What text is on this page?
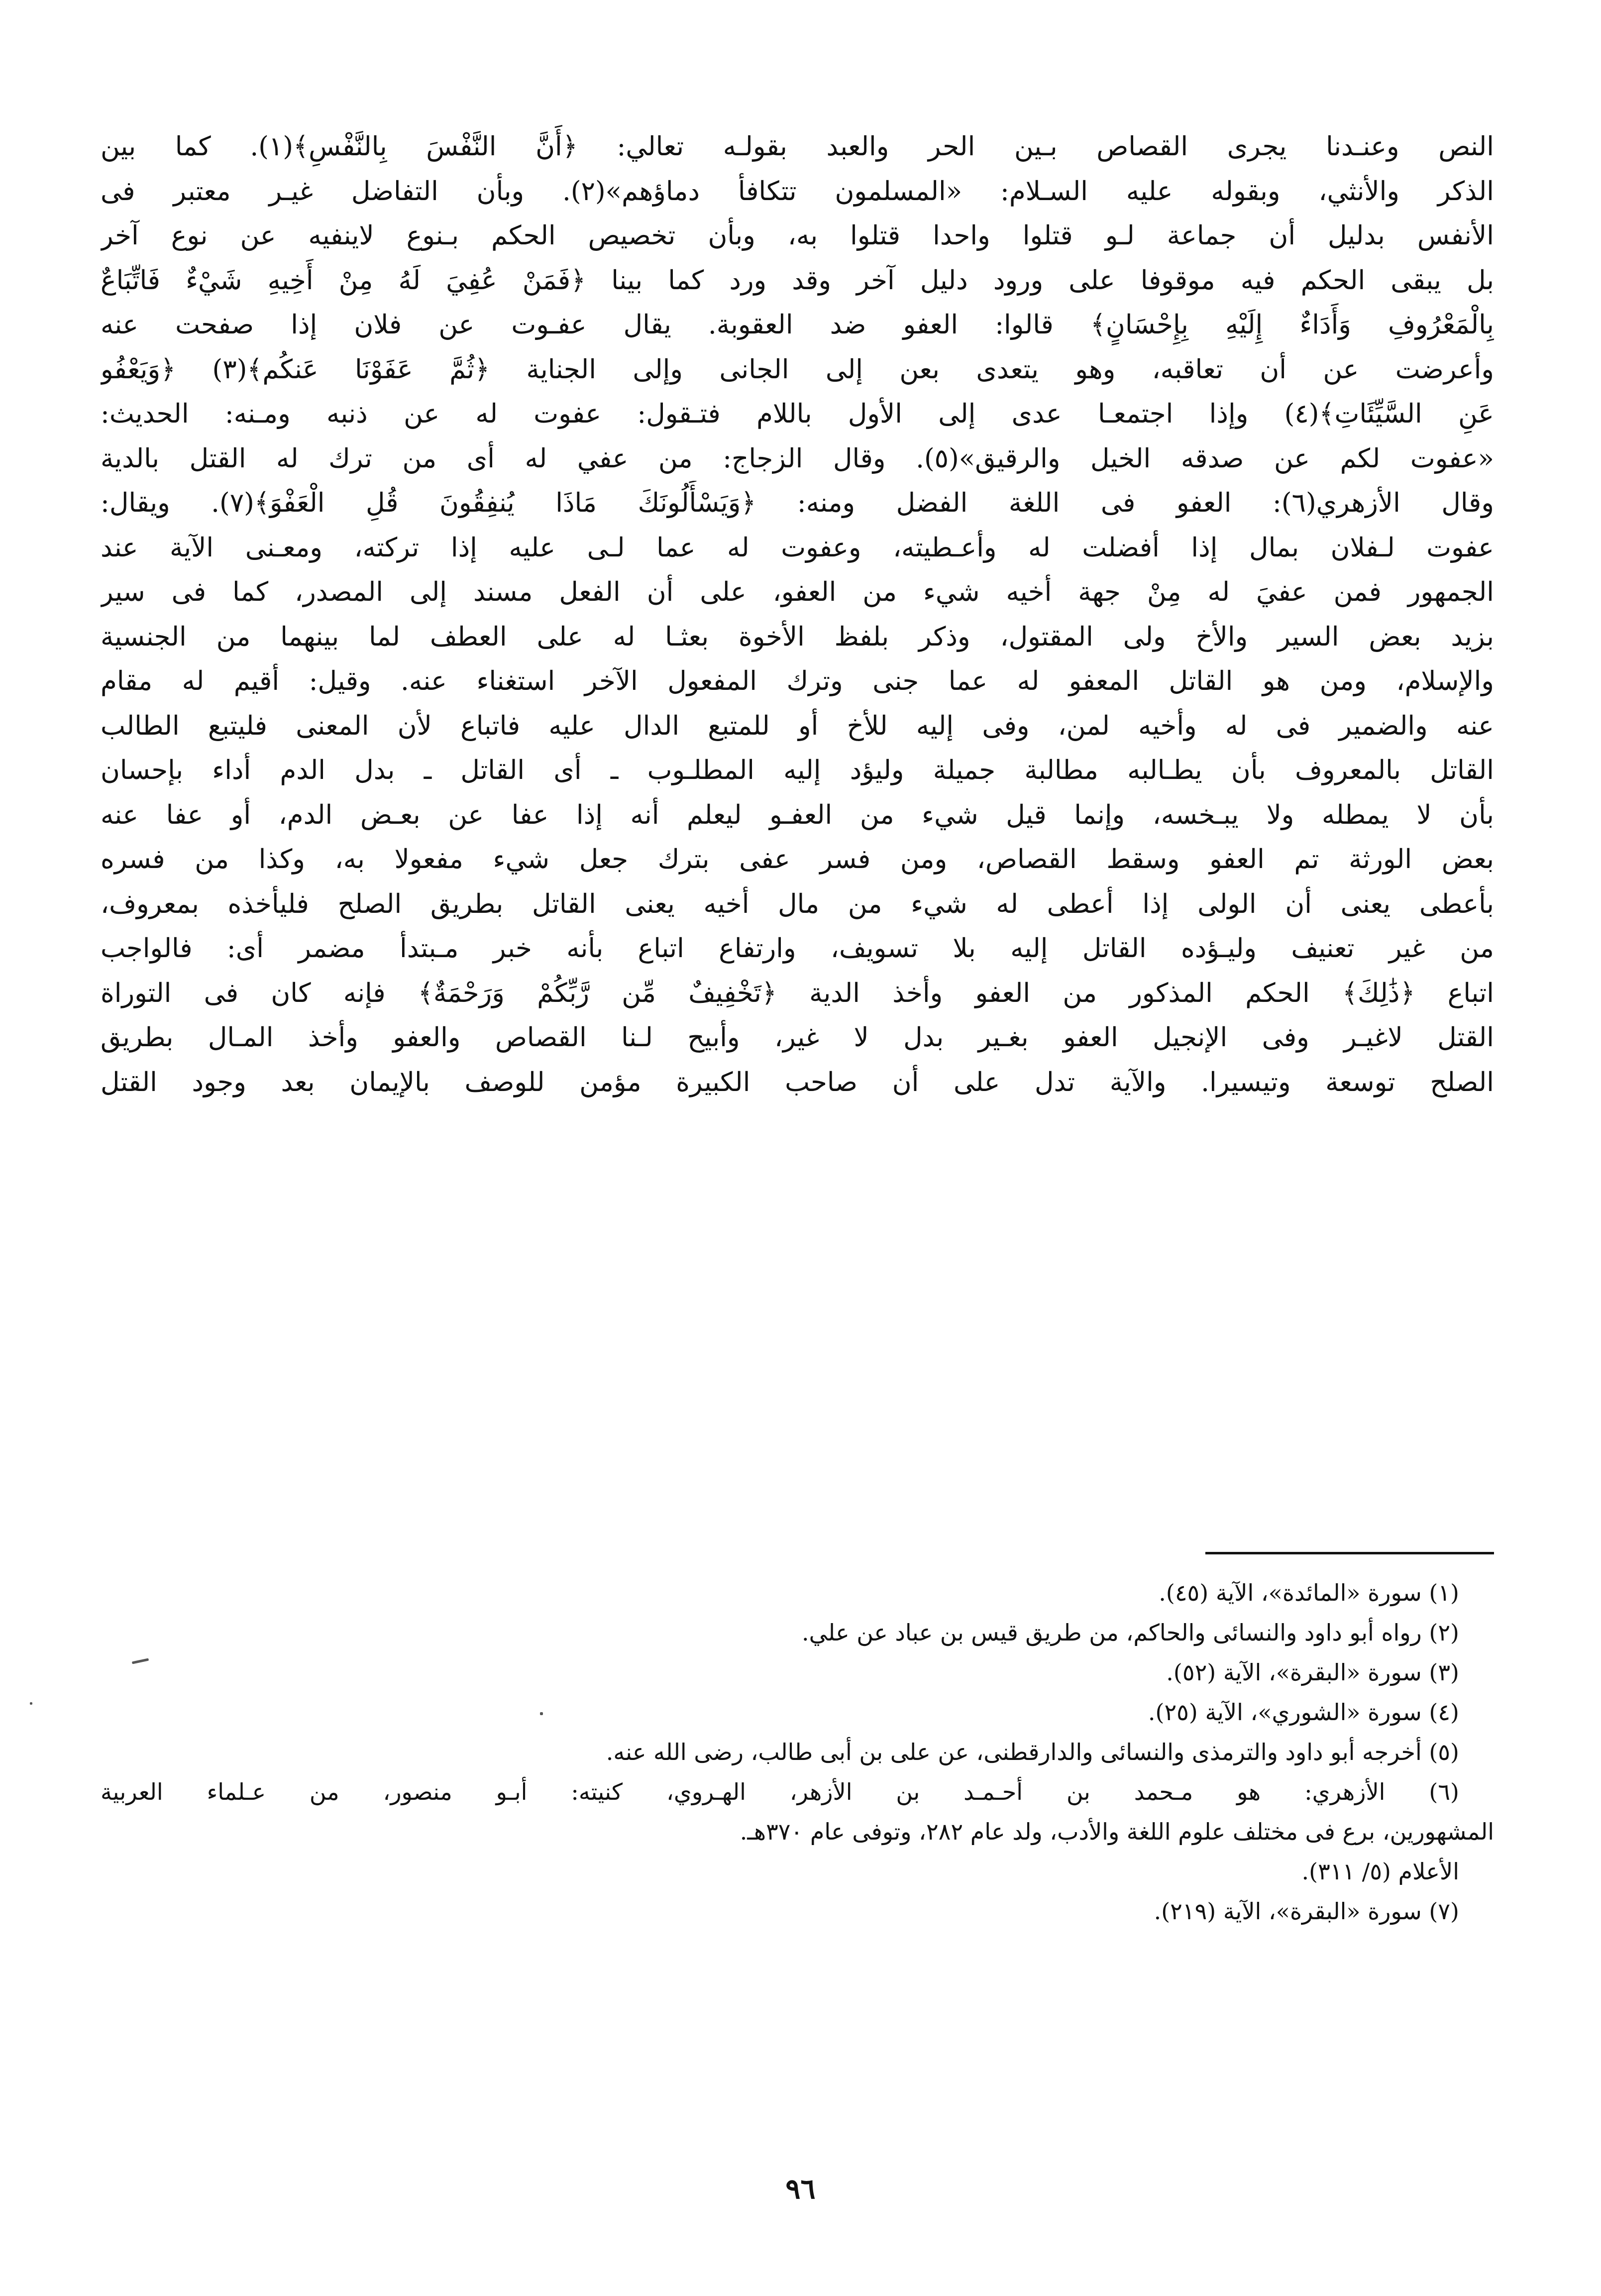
النص وعنـدنا يجرى القصاص بـين الحر والعبد بقولـه تعالي: ﴿أَنَّ النَّفْسَ بِالنَّفْسِ﴾(١). كما بين
الذكر والأنثي، وبقوله عليه السـلام: «المسلمون تتكافأ دماؤهم»(٢). وبأن التفاضل غيـر معتبر فى
الأنفس بدليل أن جماعة لـو قتلوا واحدا قتلوا به، وبأن تخصيص الحكم بـنوع لاينفيه عن نوع آخر
بل يبقى الحكم فيه موقوفا على ورود دليل آخر وقد ورد كما بينا ﴿فَمَنْ عُفِيَ لَهُ مِنْ أَخِيهِ شَيْءٌ فَاتِّبَاعٌ
بِالْمَعْرُوفِ وَأَدَاءٌ إِلَيْهِ بِإِحْسَانٍ﴾ قالوا: العفو ضد العقوبة. يقال عفـوت عن فلان إذا صفحت عنه
وأعرضت عن أن تعاقبه، وهو يتعدى بعن إلى الجانى وإلى الجناية ﴿ثُمَّ عَفَوْنَا عَنكُم﴾(٣) ﴿وَيَعْفُو
عَنِ السَّيِّئَاتِ﴾(٤) وإذا اجتمعـا عدى إلى الأول باللام فتـقول: عفوت له عن ذنبه ومـنه: الحديث:
«عفوت لكم عن صدقه الخيل والرقيق»(٥). وقال الزجاج: من عفي له أى من ترك له القتل بالدية
وقال الأزهري(٦): العفو فى اللغة الفضل ومنه: ﴿وَيَسْأَلُونَكَ مَاذَا يُنفِقُونَ قُلِ الْعَفْوَ﴾(٧). ويقال:
عفوت لـفلان بمال إذا أفضلت له وأعـطيته، وعفوت له عما لـى عليه إذا تركته، ومعـنى الآية عند
الجمهور فمن عفيَ له مِنْ جهة أخيه شيء من العفو، على أن الفعل مسند إلى المصدر، كما فى سير
بزيد بعض السير والأخ ولى المقتول، وذكر بلفظ الأخوة بعثـا له على العطف لما بينهما من الجنسية
والإسلام، ومن هو القاتل المعفو له عما جنى وترك المفعول الآخر استغناء عنه. وقيل: أقيم له مقام
عنه والضمير فى له وأخيه لمن، وفى إليه للأخ أو للمتبع الدال عليه فاتباع لأن المعنى فليتبع الطالب
القاتل بالمعروف بأن يطـالبه مطالبة جميلة وليؤد إليه المطلـوب ـ أى القاتل ـ بدل الدم أداء بإحسان
بأن لا يمطله ولا يبـخسه، وإنما قيل شيء من العفـو ليعلم أنه إذا عفا عن بعـض الدم، أو عفا عنه
بعض الورثة تم العفو وسقط القصاص، ومن فسر عفى بترك جعل شيء مفعولا به، وكذا من فسره
بأعطى يعنى أن الولى إذا أعطى له شيء من مال أخيه يعنى القاتل بطريق الصلح فليأخذه بمعروف،
من غير تعنيف وليـؤده القاتل إليه بلا تسويف، وارتفاع اتباع بأنه خبر مـبتدأ مضمر أى: فالواجب
اتباع ﴿ذَٰلِكَ﴾ الحكم المذكور من العفو وأخذ الدية ﴿تَخْفِيفٌ مِّن رَّبِّكُمْ وَرَحْمَةٌ﴾ فإنه كان فى التوراة
القتل لاغيـر وفى الإنجيل العفو بغـير بدل لا غير، وأبيح لـنا القصاص والعفو وأخذ المـال بطريق
الصلح توسعة وتيسيرا. والآية تدل على أن صاحب الكبيرة مؤمن للوصف بالإيمان بعد وجود القتل
(١) سورة «المائدة»، الآية (٤٥).
(٢) رواه أبو داود والنسائى والحاكم، من طريق قيس بن عباد عن علي.
(٣) سورة «البقرة»، الآية (٥٢).
(٤) سورة «الشوري»، الآية (٢٥).
(٥) أخرجه أبو داود والترمذى والنسائى والدارقطنى، عن على بن أبى طالب، رضى الله عنه.
(٦) الأزهري: هو مـحمد بن أحـمـد بن الأزهر، الهـروي، كنيته: أبـو منصور، من عـلماء العربية
المشهورين، برع فى مختلف علوم اللغة والأدب، ولد عام ٢٨٢، وتوفى عام ٣٧٠هـ.
الأعلام (٥/ ٣١١).
(٧) سورة «البقرة»، الآية (٢١٩).
٩٦
